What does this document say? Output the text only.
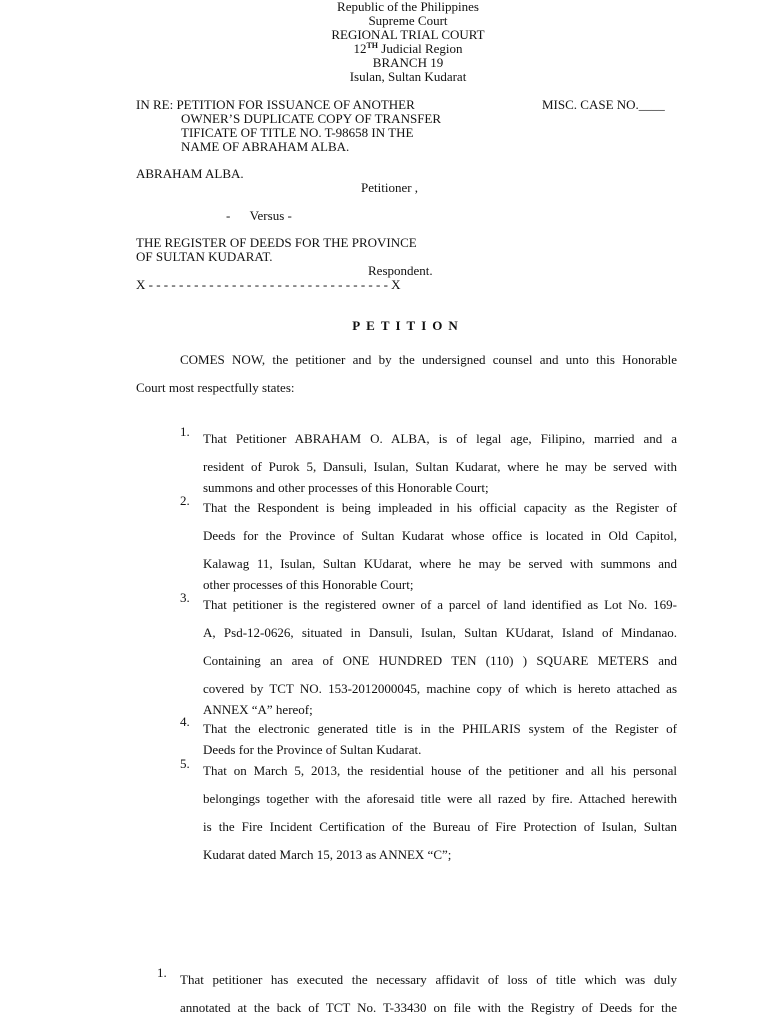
Republic of the Philippines
Supreme Court
REGIONAL TRIAL COURT
12TH Judicial Region
BRANCH 19
Isulan, Sultan Kudarat
IN RE: PETITION FOR ISSUANCE OF ANOTHER
OWNER’S DUPLICATE COPY OF TRANSFER
TIFICATE OF TITLE NO. T-98658 IN THE
NAME OF ABRAHAM ALBA.
MISC. CASE NO.____
ABRAHAM ALBA.
Petitioner ,
-      Versus -
THE REGISTER OF DEEDS FOR THE PROVINCE
OF SULTAN KUDARAT.
Respondent.
X - - - - - - - - - - - - - - - - - - - - - - - - - - - - - - - - X
PETITION
COMES NOW, the petitioner and by the undersigned counsel and unto this Honorable
Court most respectfully states:
1. That Petitioner ABRAHAM O. ALBA, is of legal age, Filipino, married and a
resident of Purok 5, Dansuli, Isulan, Sultan Kudarat, where he may be served with
summons and other processes of this Honorable Court;
2. That the Respondent is being impleaded in his official capacity as the Register of
Deeds for the Province of Sultan Kudarat whose office is located in Old Capitol,
Kalawag 11, Isulan, Sultan KUdarat, where he may be served with summons and
other processes of this Honorable Court;
3. That petitioner is the registered owner of a parcel of land identified as Lot No. 169-
A, Psd-12-0626, situated in Dansuli, Isulan, Sultan KUdarat, Island of Mindanao.
Containing an area of ONE HUNDRED TEN (110) ) SQUARE METERS and
covered by TCT NO. 153-2012000045, machine copy of which is hereto attached as
ANNEX “A” hereof;
4. That the electronic generated title is in the PHILARIS system of the Register of
Deeds for the Province of Sultan Kudarat.
5. That on March 5, 2013, the residential house of the petitioner and all his personal
belongings together with the aforesaid title were all razed by fire. Attached herewith
is the Fire Incident Certification of the Bureau of Fire Protection of Isulan, Sultan
Kudarat dated March 15, 2013 as ANNEX “C”;
1. That petitioner has executed the necessary affidavit of loss of title which was duly
annotated at the back of TCT No. T-33430 on file with the Registry of Deeds for the
